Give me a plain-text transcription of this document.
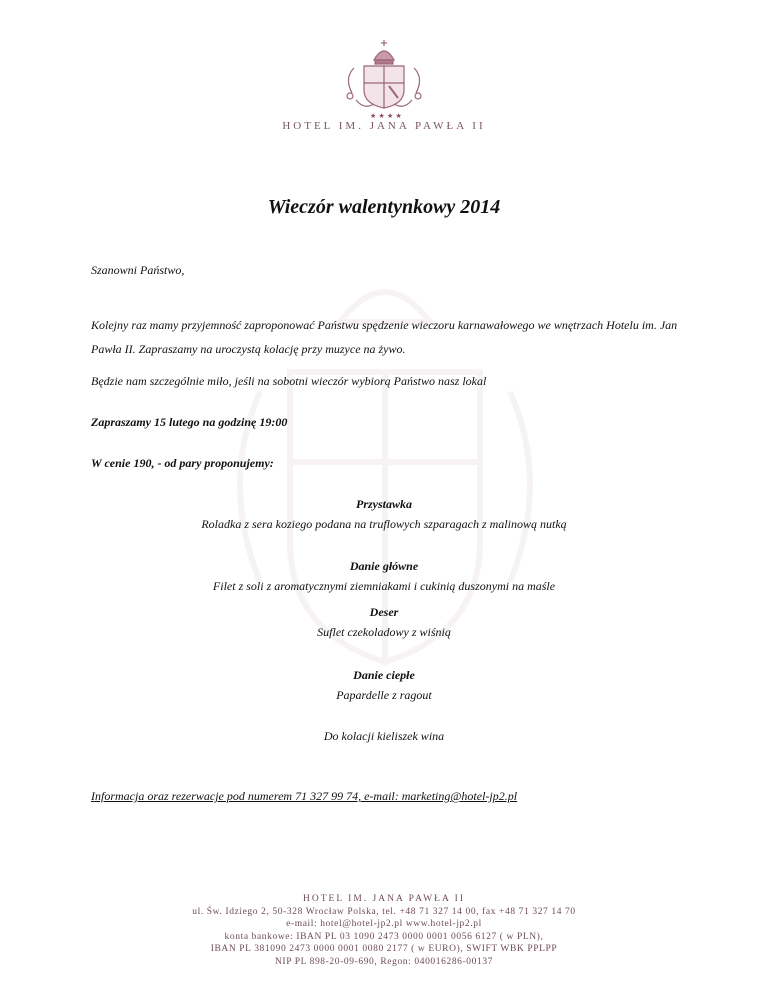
★ ★ ★ ★
HOTEL IM. JANA PAWŁA II
Wieczór walentynkowy 2014
Szanowni Państwo,
Kolejny raz mamy przyjemność zaproponować Państwu spędzenie wieczoru karnawałowego we wnętrzach Hotelu im. Jan Pawła II. Zapraszamy na uroczystą kolację przy muzyce na żywo.
Będzie nam szczególnie miło, jeśli na sobotni wieczór wybiorą Państwo nasz lokal
Zapraszamy 15 lutego na godzinę 19:00
W cenie 190, - od pary proponujemy:
Przystawka
Roladka z sera koziego podana na truflowych szparagach z malinową nutką
Danie główne
Filet z soli z aromatycznymi ziemniakami i cukinią duszonymi na maśle
Deser
Suflet czekoladowy z wiśnią
Danie ciepłe
Papardelle z ragout
Do kolacji kieliszek wina
Informacja oraz rezerwacje pod numerem 71 327 99 74, e-mail: marketing@hotel-jp2.pl
HOTEL IM. JANA PAWŁA II
ul. Św. Idziego 2, 50-328 Wrocław Polska, tel. +48 71 327 14 00, fax +48 71 327 14 70
e-mail: hotel@hotel-jp2.pl www.hotel-jp2.pl
konta bankowe: IBAN PL 03 1090 2473 0000 0001 0056 6127 ( w PLN),
IBAN PL 381090 2473 0000 0001 0080 2177 ( w EURO), SWIFT WBK PPLPP
NIP PL 898-20-09-690, Regon: 040016286-00137
